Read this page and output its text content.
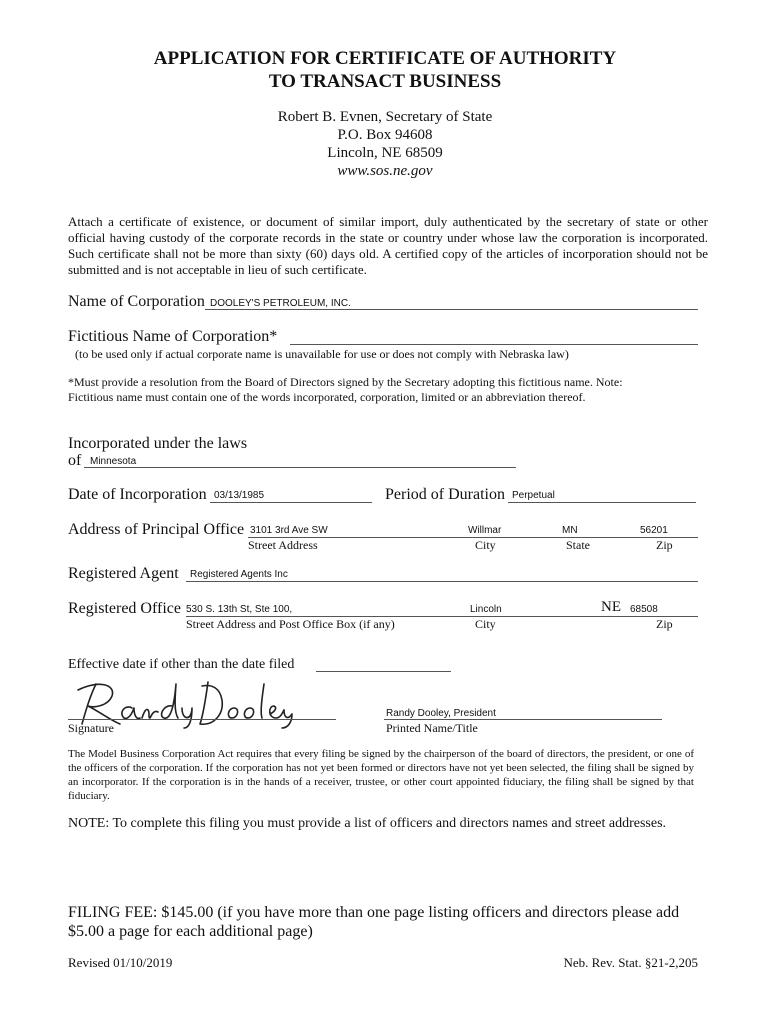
APPLICATION FOR CERTIFICATE OF AUTHORITY
TO TRANSACT BUSINESS
Robert B. Evnen, Secretary of State
P.O. Box 94608
Lincoln, NE 68509
www.sos.ne.gov
Attach a certificate of existence, or document of similar import, duly authenticated by the secretary of state or other official having custody of the corporate records in the state or country under whose law the corporation is incorporated. Such certificate shall not be more than sixty (60) days old. A certified copy of the articles of incorporation should not be submitted and is not acceptable in lieu of such certificate.
Name of Corporation DOOLEY'S PETROLEUM, INC.
Fictitious Name of Corporation*
(to be used only if actual corporate name is unavailable for use or does not comply with Nebraska law)
*Must provide a resolution from the Board of Directors signed by the Secretary adopting this fictitious name. Note: Fictitious name must contain one of the words incorporated, corporation, limited or an abbreviation thereof.
Incorporated under the laws
of Minnesota
Date of Incorporation 03/13/1985	Period of Duration Perpetual
Address of Principal Office 3101 3rd Ave SW	Willmar	MN	56201
Street Address	City	State	Zip
Registered Agent Registered Agents Inc
Registered Office 530 S. 13th St, Ste 100,	Lincoln	NE 68508
Street Address and Post Office Box (if any)	City	Zip
Effective date if other than the date filed
Signature
Randy Dooley, President
Printed Name/Title
The Model Business Corporation Act requires that every filing be signed by the chairperson of the board of directors, the president, or one of the officers of the corporation. If the corporation has not yet been formed or directors have not yet been selected, the filing shall be signed by an incorporator. If the corporation is in the hands of a receiver, trustee, or other court appointed fiduciary, the filing shall be signed by that fiduciary.
NOTE: To complete this filing you must provide a list of officers and directors names and street addresses.
FILING FEE: $145.00 (if you have more than one page listing officers and directors please add $5.00 a page for each additional page)
Revised 01/10/2019	Neb. Rev. Stat. §21-2,205
